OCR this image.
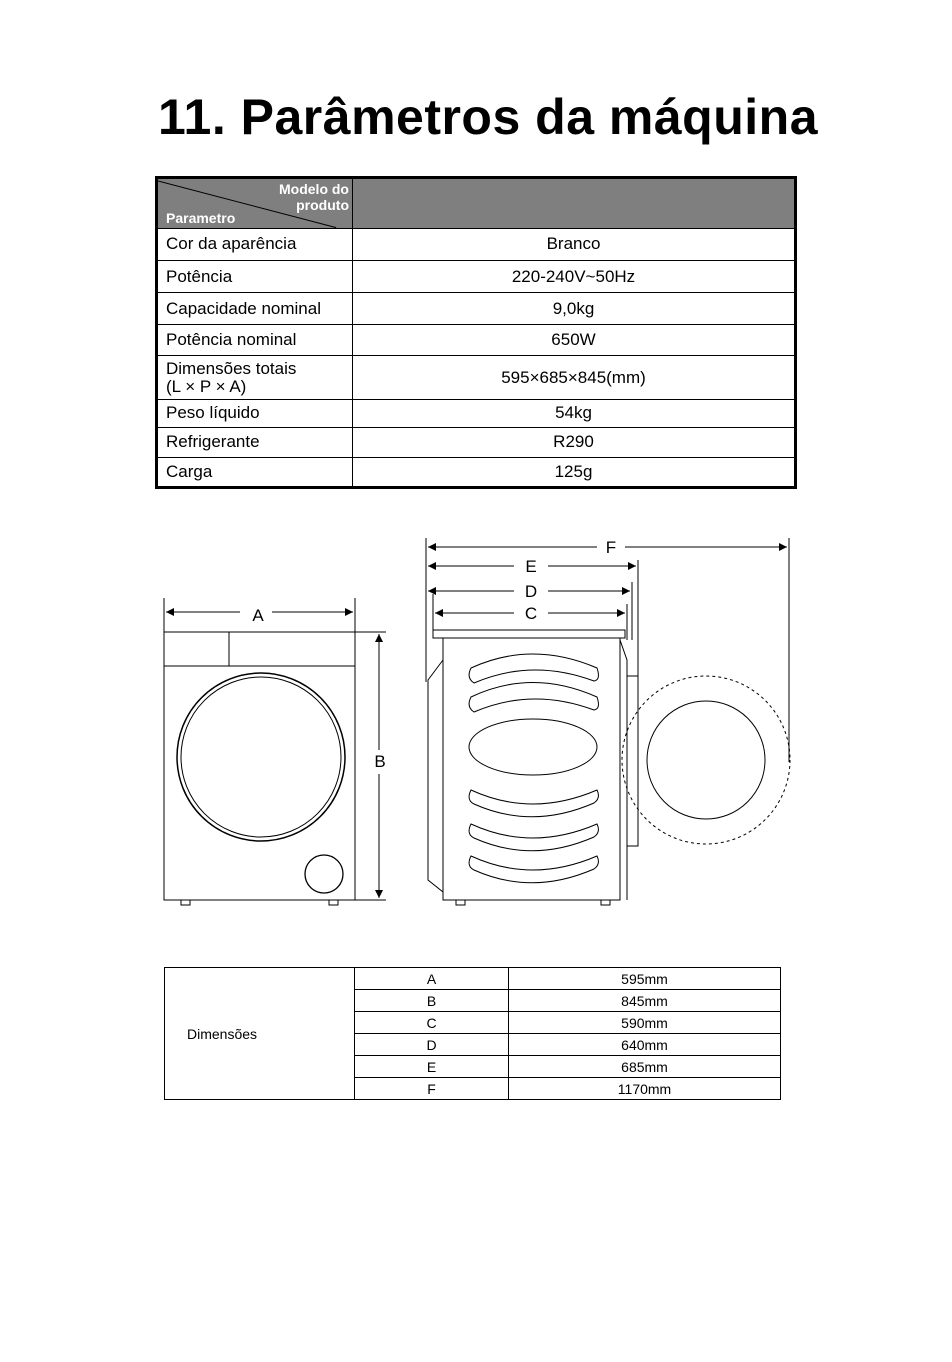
11. Parâmetros da máquina
Modelo do produto
Parametro	

Cor da aparência	Branco
Potência	220-240V~50Hz
Capacidade nominal	9,0kg
Potência nominal	650W
Dimensões totais
(L × P × A)	595×685×845(mm)
Peso líquido	54kg
Refrigerante	R290
Carga	125g
A
B
F
E
D
C
Dimensões	A	595mm
	B	845mm
	C	590mm
	D	640mm
	E	685mm
	F	1170mm
